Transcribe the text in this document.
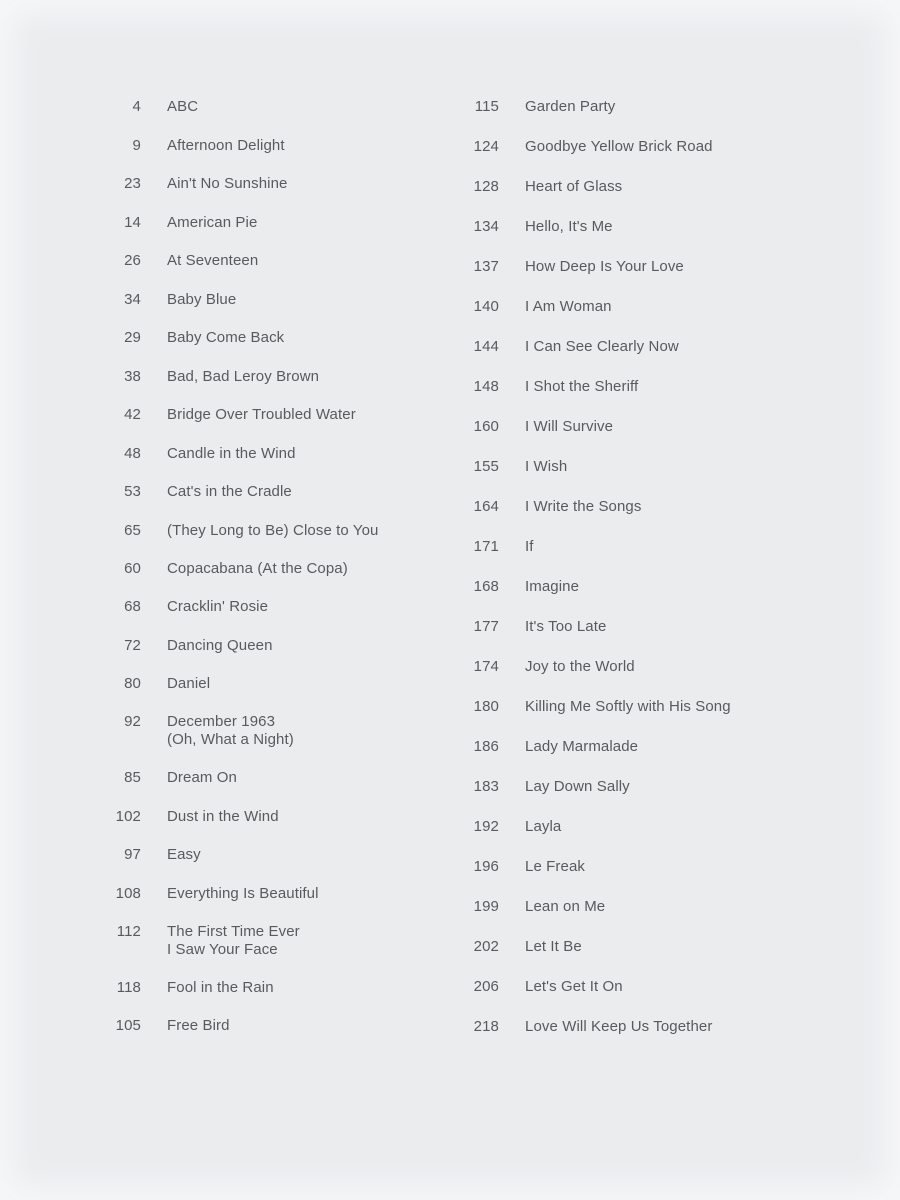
4 ABC
9 Afternoon Delight
23 Ain't No Sunshine
14 American Pie
26 At Seventeen
34 Baby Blue
29 Baby Come Back
38 Bad, Bad Leroy Brown
42 Bridge Over Troubled Water
48 Candle in the Wind
53 Cat's in the Cradle
65 (They Long to Be) Close to You
60 Copacabana (At the Copa)
68 Cracklin' Rosie
72 Dancing Queen
80 Daniel
92 December 1963
(Oh, What a Night)
85 Dream On
102 Dust in the Wind
97 Easy
108 Everything Is Beautiful
112 The First Time Ever
I Saw Your Face
118 Fool in the Rain
105 Free Bird
115 Garden Party
124 Goodbye Yellow Brick Road
128 Heart of Glass
134 Hello, It's Me
137 How Deep Is Your Love
140 I Am Woman
144 I Can See Clearly Now
148 I Shot the Sheriff
160 I Will Survive
155 I Wish
164 I Write the Songs
171 If
168 Imagine
177 It's Too Late
174 Joy to the World
180 Killing Me Softly with His Song
186 Lady Marmalade
183 Lay Down Sally
192 Layla
196 Le Freak
199 Lean on Me
202 Let It Be
206 Let's Get It On
218 Love Will Keep Us Together
